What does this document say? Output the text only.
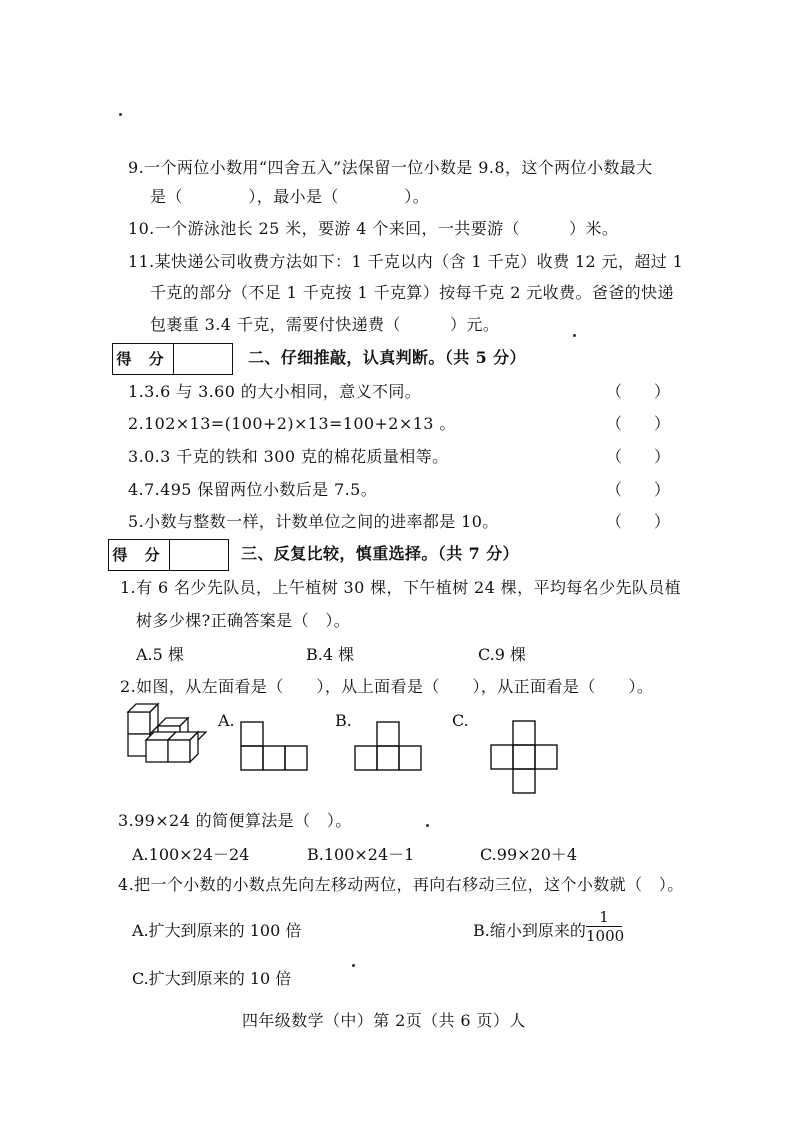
9.一个两位小数用“四舍五入”法保留一位小数是 9.8，这个两位小数最大
是（　　　　），最小是（　　　　）。
10.一个游泳池长 25 米，要游 4 个来回，一共要游（　　　）米。
11.某快递公司收费方法如下：1 千克以内（含 1 千克）收费 12 元，超过 1
千克的部分（不足 1 千克按 1 千克算）按每千克 2 元收费。爸爸的快递
包裹重 3.4 千克，需要付快递费（　　　）元。
得 分	二、仔细推敲，认真判断。（共 5 分）
1.3.6 与 3.60 的大小相同，意义不同。	（　　）
2.102×13=(100+2)×13=100+2×13 。	（　　）
3.0.3 千克的铁和 300 克的棉花质量相等。	（　　）
4.7.495 保留两位小数后是 7.5。	（　　）
5.小数与整数一样，计数单位之间的进率都是 10。	（　　）
得 分	三、反复比较，慎重选择。（共 7 分）
1.有 6 名少先队员，上午植树 30 棵，下午植树 24 棵，平均每名少先队员植
树多少棵?正确答案是（　）。
A.5 棵	B.4 棵	C.9 棵
2.如图，从左面看是（　　），从上面看是（　　），从正面看是（　　）。
A.	B.	C.
3.99×24 的简便算法是（　）。
A.100×24－24	B.100×24－1	C.99×20＋4
4.把一个小数的小数点先向左移动两位，再向右移动三位，这个小数就（　）。
A.扩大到原来的 100 倍	B.缩小到原来的
1
1000
C.扩大到原来的 10 倍
四年级数学（中）第 2页（共 6 页）人
